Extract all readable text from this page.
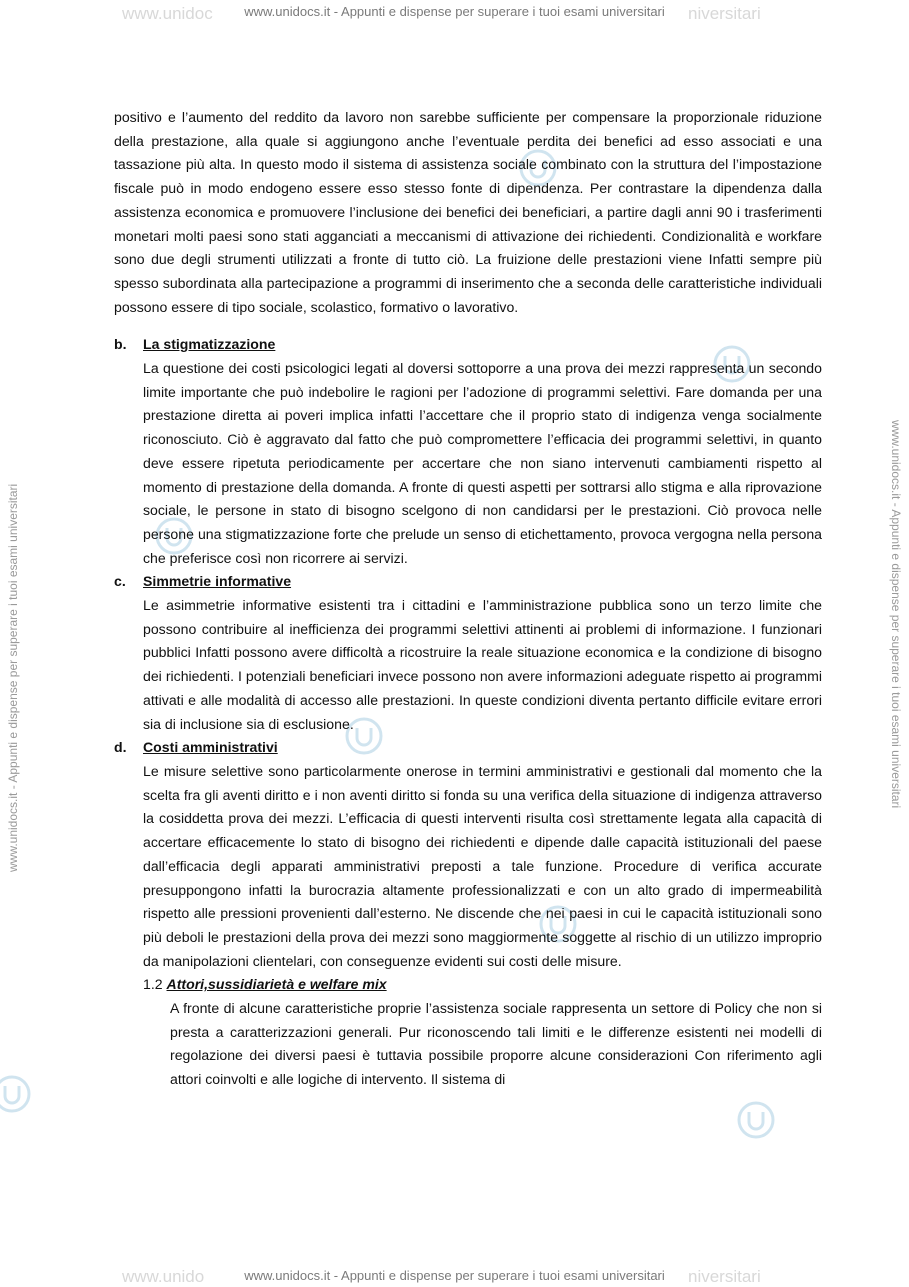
www.unidoc	niversitari
www.unido	niversitari
www.unidocs.it - Appunti e dispense per superare i tuoi esami universitari
www.unidocs.it - Appunti e dispense per superare i tuoi esami universitari
www.unidocs.it - Appunti e dispense per superare i tuoi esami universitari	www.unidocs.it - Appunti e dispense per superare i tuoi esami universitari

positivo e l’aumento del reddito da lavoro non sarebbe sufficiente per compensare la proporzionale riduzione della prestazione, alla quale si aggiungono anche l’eventuale perdita dei benefici ad esso associati e una tassazione più alta. In questo modo il sistema di assistenza sociale combinato con la struttura del l’impostazione fiscale può in modo endogeno essere esso stesso fonte di dipendenza. Per contrastare la dipendenza dalla assistenza economica e promuovere l’inclusione dei benefici dei beneficiari, a partire dagli anni 90 i trasferimenti monetari molti paesi sono stati agganciati a meccanismi di attivazione dei richiedenti. Condizionalità e workfare sono due degli strumenti utilizzati a fronte di tutto ciò. La fruizione delle prestazioni viene Infatti sempre più spesso subordinata alla partecipazione a programmi di inserimento che a seconda delle caratteristiche individuali possono essere di tipo sociale, scolastico, formativo o lavorativo.

b.	La stigmatizzazione

La questione dei costi psicologici legati al doversi sottoporre a una prova dei mezzi rappresenta un secondo limite importante che può indebolire le ragioni per l’adozione di programmi selettivi. Fare domanda per una prestazione diretta ai poveri implica infatti l’accettare che il proprio stato di indigenza venga socialmente riconosciuto. Ciò è aggravato dal fatto che può compromettere l’efficacia dei programmi selettivi, in quanto deve essere ripetuta periodicamente per accertare che non siano intervenuti cambiamenti rispetto al momento di prestazione della domanda. A fronte di questi aspetti per sottrarsi allo stigma e alla riprovazione sociale, le persone in stato di bisogno scelgono di non candidarsi per le prestazioni. Ciò provoca nelle persone una stigmatizzazione forte che prelude un senso di etichettamento, provoca vergogna nella persona che preferisce così non ricorrere ai servizi.

c.	Simmetrie informative

Le asimmetrie informative esistenti tra i cittadini e l’amministrazione pubblica sono un terzo limite che possono contribuire al inefficienza dei programmi selettivi attinenti ai problemi di informazione. I funzionari pubblici Infatti possono avere difficoltà a ricostruire la reale situazione economica e la condizione di bisogno dei richiedenti. I potenziali beneficiari invece possono non avere informazioni adeguate rispetto ai programmi attivati e alle modalità di accesso alle prestazioni. In queste condizioni diventa pertanto difficile evitare errori sia di inclusione sia di esclusione.

d.	Costi amministrativi

Le misure selettive sono particolarmente onerose in termini amministrativi e gestionali dal momento che la scelta fra gli aventi diritto e i non aventi diritto si fonda su una verifica della situazione di indigenza attraverso la cosiddetta prova dei mezzi. L’efficacia di questi interventi risulta così strettamente legata alla capacità di accertare efficacemente lo stato di bisogno dei richiedenti e dipende dalle capacità istituzionali del paese dall’efficacia degli apparati amministrativi preposti a tale funzione. Procedure di verifica accurate presuppongono infatti la burocrazia altamente professionalizzati e con un alto grado di impermeabilità rispetto alle pressioni provenienti dall’esterno. Ne discende che nei paesi in cui le capacità istituzionali sono più deboli le prestazioni della prova dei mezzi sono maggiormente soggette al rischio di un utilizzo improprio da manipolazioni clientelari, con conseguenze evidenti sui costi delle misure.

1.2 Attori,sussidiarietà e welfare mix

A fronte di alcune caratteristiche proprie l’assistenza sociale rappresenta un settore di Policy che non si presta a caratterizzazioni generali. Pur riconoscendo tali limiti e le differenze esistenti nei modelli di regolazione dei diversi paesi è tuttavia possibile proporre alcune considerazioni Con riferimento agli attori coinvolti e alle logiche di intervento. Il sistema di
